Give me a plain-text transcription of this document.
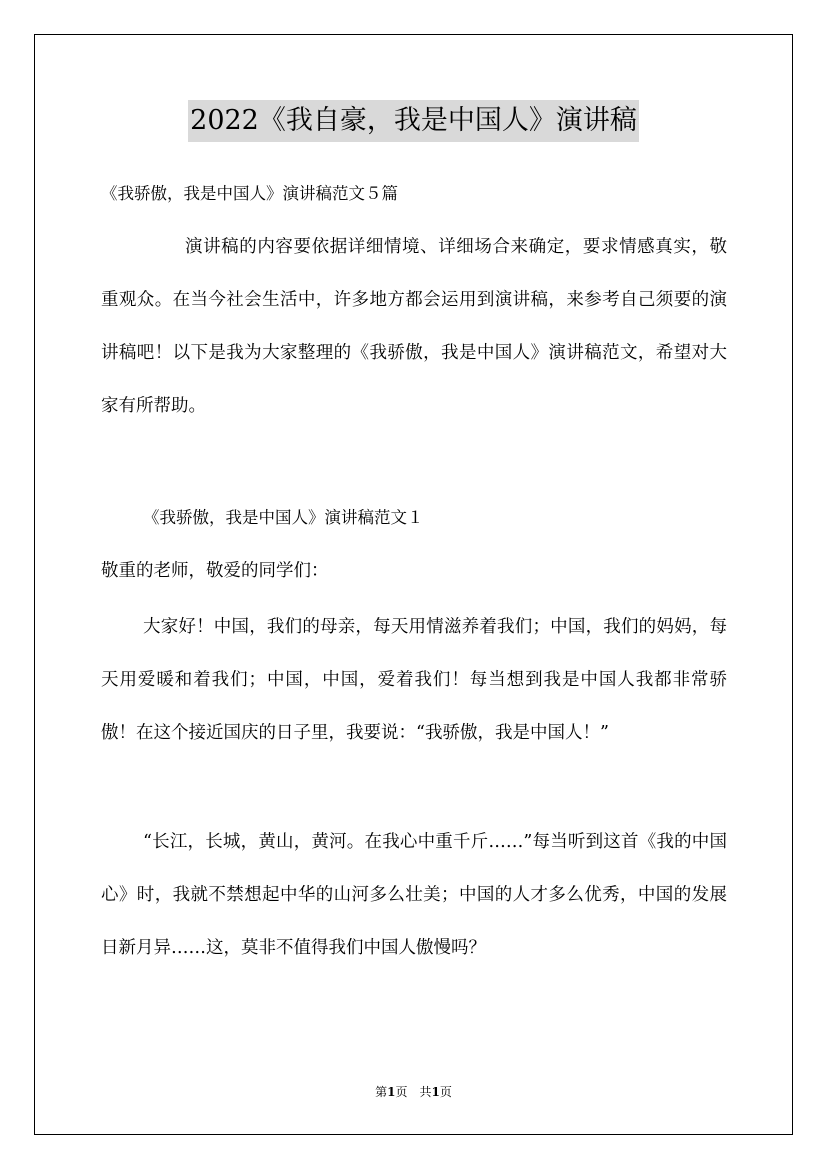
2022《我自豪，我是中国人》演讲稿
《我骄傲，我是中国人》演讲稿范文５篇

演讲稿的内容要依据详细情境、详细场合来确定，要求情感真实，敬重观众。在当今社会生活中，许多地方都会运用到演讲稿，来参考自己须要的演讲稿吧！以下是我为大家整理的《我骄傲，我是中国人》演讲稿范文，希望对大家有所帮助。

《我骄傲，我是中国人》演讲稿范文１
敬重的老师，敬爱的同学们：

大家好！中国，我们的母亲，每天用情滋养着我们；中国，我们的妈妈，每天用爱暖和着我们；中国，中国，爱着我们！每当想到我是中国人我都非常骄傲！在这个接近国庆的日子里，我要说：“我骄傲，我是中国人！”

“长江，长城，黄山，黄河。在我心中重千斤……”每当听到这首《我的中国心》时，我就不禁想起中华的山河多么壮美；中国的人才多么优秀，中国的发展日新月异……这，莫非不值得我们中国人傲慢吗？

第1页　共1页
